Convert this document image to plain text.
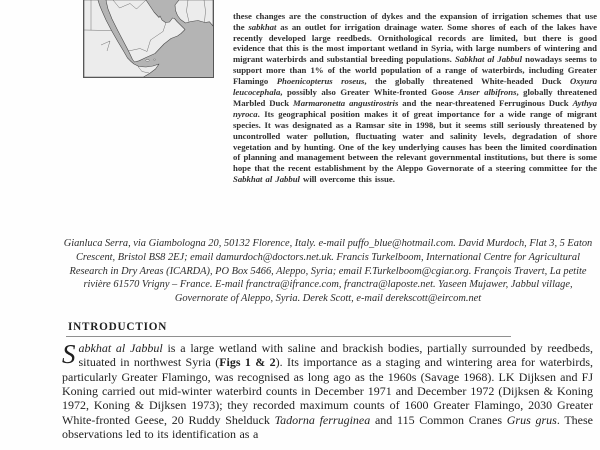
these changes are the construction of dykes and the expansion of irrigation schemes that use the sabkhat as an outlet for irrigation drainage water. Some shores of each of the lakes have recently developed large reedbeds. Ornithological records are limited, but there is good evidence that this is the most important wetland in Syria, with large numbers of wintering and migrant waterbirds and substantial breeding populations. Sabkhat al Jabbul nowadays seems to support more than 1% of the world population of a range of waterbirds, including Greater Flamingo Phoenicopterus roseus, the globally threatened White-headed Duck Oxyura leucocephala, possibly also Greater White-fronted Goose Anser albifrons, globally threatened Marbled Duck Marmaronetta angustirostris and the near-threatened Ferruginous Duck Aythya nyroca. Its geographical position makes it of great importance for a wide range of migrant species. It was designated as a Ramsar site in 1998, but it seems still seriously threatened by uncontrolled water pollution, fluctuating water and salinity levels, degradation of shore vegetation and by hunting. One of the key underlying causes has been the limited coordination of planning and management between the relevant governmental institutions, but there is some hope that the recent establishment by the Aleppo Governorate of a steering committee for the Sabkhat al Jabbul will overcome this issue.

Gianluca Serra, via Giambologna 20, 50132 Florence, Italy. e-mail puffo_blue@hotmail.com. David Murdoch, Flat 3, 5 Eaton Crescent, Bristol BS8 2EJ; email damurdoch@doctors.net.uk. Francis Turkelboom, International Centre for Agricultural Research in Dry Areas (ICARDA), PO Box 5466, Aleppo, Syria; email F.Turkelboom@cgiar.org. François Travert, La petite rivière 61570 Vrigny – France. E-mail franctra@ifrance.com, franctra@laposte.net. Yaseen Mujawer, Jabbul village, Governorate of Aleppo, Syria. Derek Scott, e-mail derekscott@eircom.net

INTRODUCTION
Sabkhat al Jabbul is a large wetland with saline and brackish bodies, partially surrounded by reedbeds, situated in northwest Syria (Figs 1 & 2). Its importance as a staging and wintering area for waterbirds, particularly Greater Flamingo, was recognised as long ago as the 1960s (Savage 1968). LK Dijksen and FJ Koning carried out mid-winter waterbird counts in December 1971 and December 1972 (Dijksen & Koning 1972, Koning & Dijksen 1973); they recorded maximum counts of 1600 Greater Flamingo, 2030 Greater White-fronted Geese, 20 Ruddy Shelduck Tadorna ferruginea and 115 Common Cranes Grus grus. These observations led to its identification as a
